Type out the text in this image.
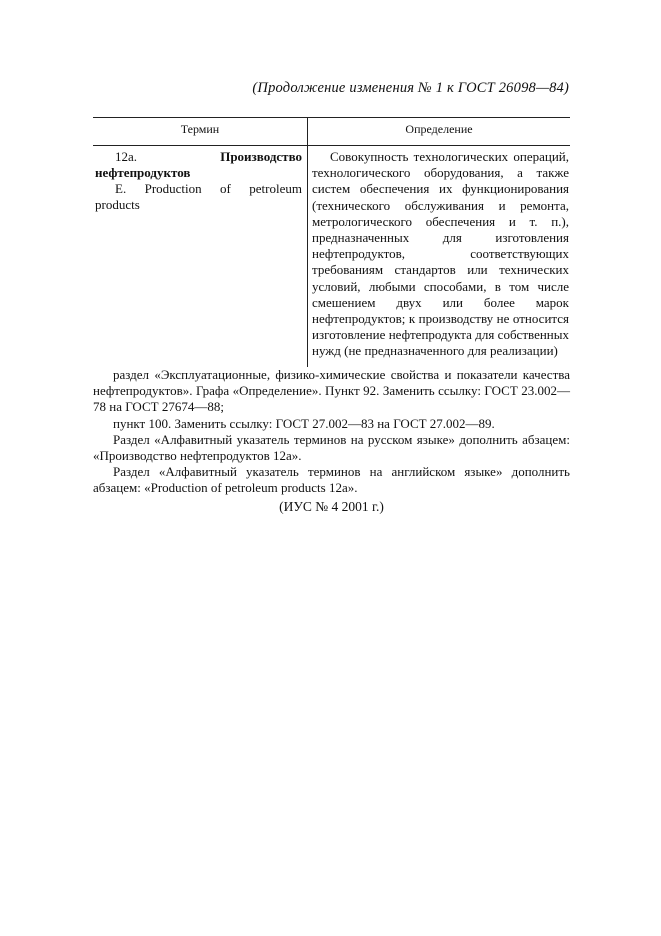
(Продолжение изменения № 1 к ГОСТ 26098—84)
Термин	Определение
12а.	Производство нефтепродуктов
E. Production of petroleum products
Совокупность технологических операций, технологического оборудования, а также систем обеспечения их функционирования (технического обслуживания и ремонта, метрологического обеспечения и т. п.), предназначенных для изготовления нефтепродуктов, соответствующих требованиям стандартов или технических условий, любыми способами, в том числе смешением двух или более марок нефтепродуктов; к производству не относится изготовление нефтепродукта для собственных нужд (не предназначенного для реализации)

раздел «Эксплуатационные, физико-химические свойства и показатели качества нефтепродуктов». Графа «Определение». Пункт 92. Заменить ссылку: ГОСТ 23.002—78 на ГОСТ 27674—88;

пункт 100. Заменить ссылку: ГОСТ 27.002—83 на ГОСТ 27.002—89.

Раздел «Алфавитный указатель терминов на русском языке» дополнить абзацем: «Производство нефтепродуктов 12а».

Раздел «Алфавитный указатель терминов на английском языке» дополнить абзацем: «Production of petroleum products 12а».

(ИУС № 4 2001 г.)
